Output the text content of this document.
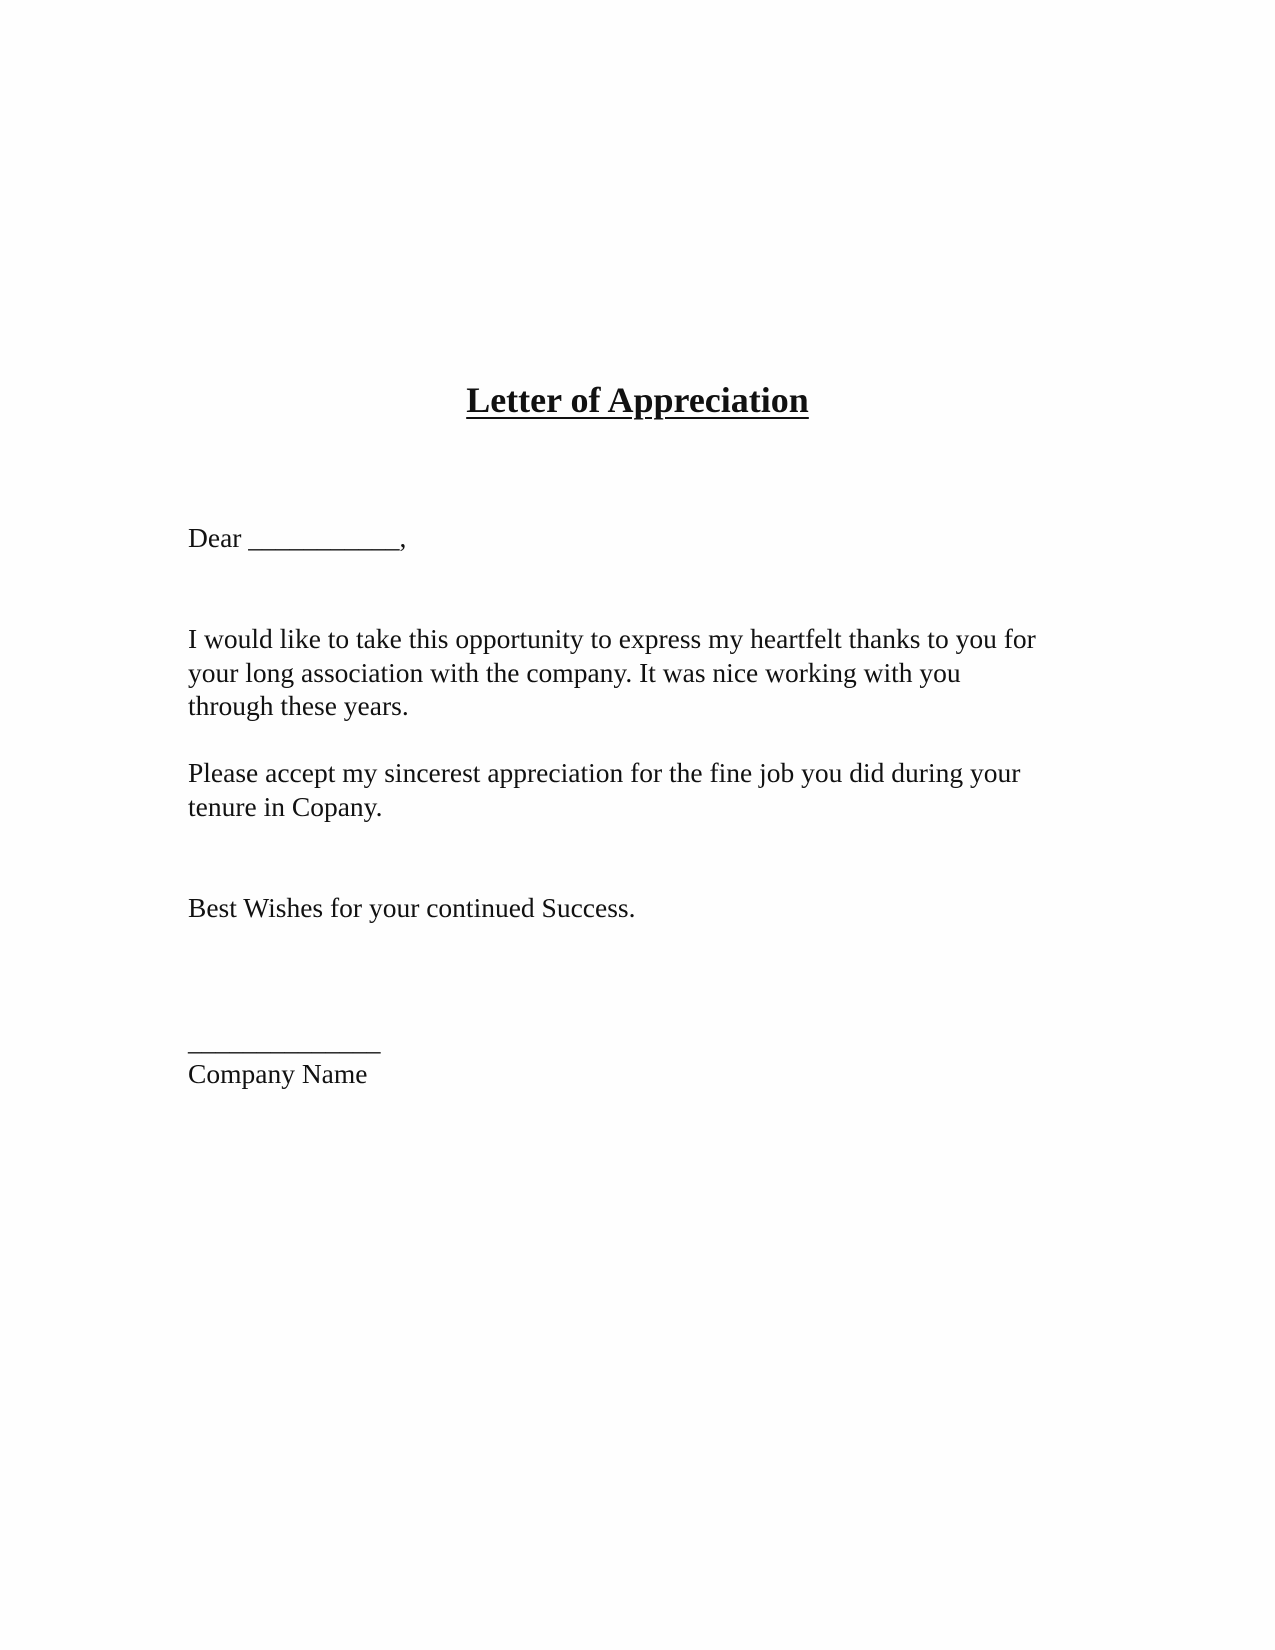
Letter of Appreciation
Dear ___________,
I would like to take this opportunity to express my heartfelt thanks to you for
your long association with the company. It was nice working with you
through these years.
Please accept my sincerest appreciation for the fine job you did during your
tenure in Copany.
Best Wishes for your continued Success.
______________
Company Name
